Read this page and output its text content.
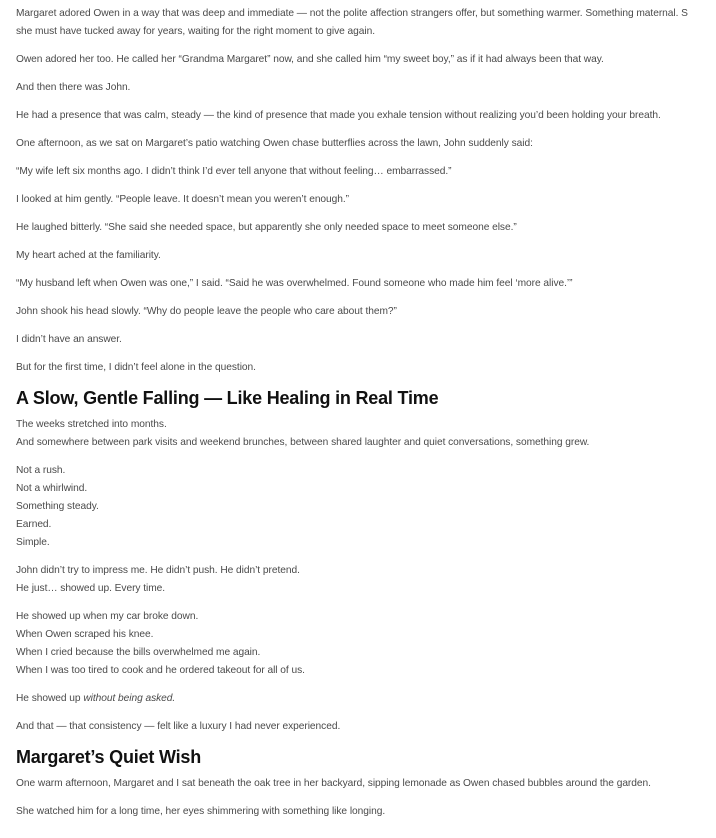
Margaret adored Owen in a way that was deep and immediate — not the polite affection strangers offer, but something warmer. Something maternal. S

she must have tucked away for years, waiting for the right moment to give again.

Owen adored her too. He called her “Grandma Margaret” now, and she called him “my sweet boy,” as if it had always been that way.

And then there was John.

He had a presence that was calm, steady — the kind of presence that made you exhale tension without realizing you’d been holding your breath.

One afternoon, as we sat on Margaret’s patio watching Owen chase butterflies across the lawn, John suddenly said:

“My wife left six months ago. I didn’t think I’d ever tell anyone that without feeling… embarrassed.”

I looked at him gently. “People leave. It doesn’t mean you weren’t enough.”

He laughed bitterly. “She said she needed space, but apparently she only needed space to meet someone else.”

My heart ached at the familiarity.

“My husband left when Owen was one,” I said. “Said he was overwhelmed. Found someone who made him feel ‘more alive.’”

John shook his head slowly. “Why do people leave the people who care about them?”

I didn’t have an answer.

But for the first time, I didn’t feel alone in the question.

A Slow, Gentle Falling — Like Healing in Real Time

The weeks stretched into months.

And somewhere between park visits and weekend brunches, between shared laughter and quiet conversations, something grew.

Not a rush.

Not a whirlwind.

Something steady.

Earned.

Simple.

John didn’t try to impress me. He didn’t push. He didn’t pretend.

He just… showed up. Every time.

He showed up when my car broke down.

When Owen scraped his knee.

When I cried because the bills overwhelmed me again.

When I was too tired to cook and he ordered takeout for all of us.

He showed up without being asked.

And that — that consistency — felt like a luxury I had never experienced.

Margaret’s Quiet Wish

One warm afternoon, Margaret and I sat beneath the oak tree in her backyard, sipping lemonade as Owen chased bubbles around the garden.

She watched him for a long time, her eyes shimmering with something like longing.
